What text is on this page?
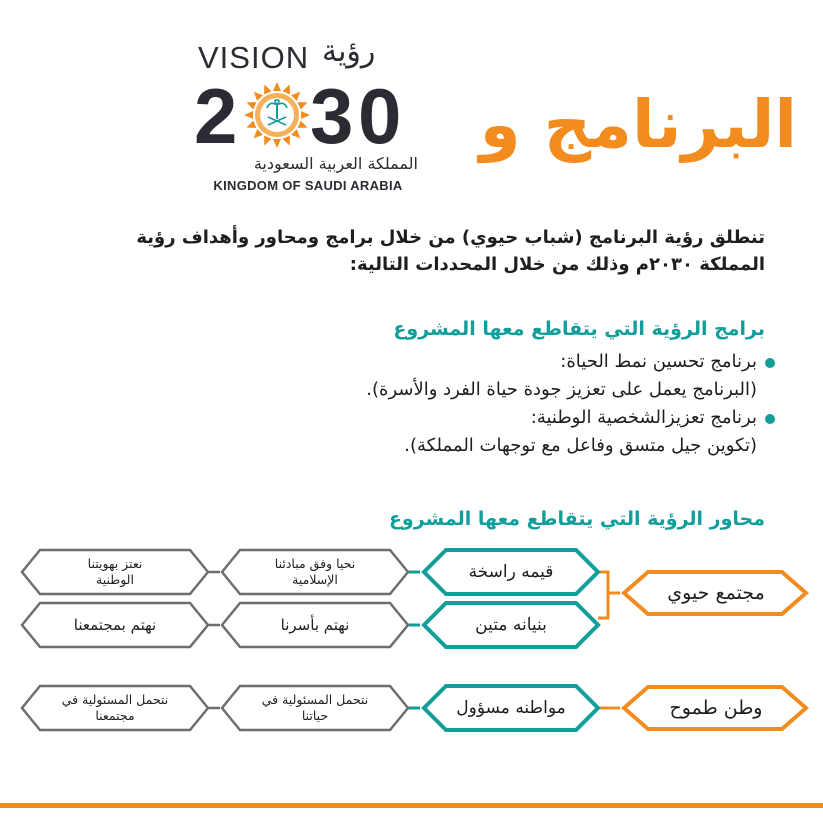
VISION رؤية
2 3 0
المملكة العربية السعودية
KINGDOM OF SAUDI ARABIA
البرنامج و
تنطلق رؤية البرنامج (شباب حيوي) من خلال برامج ومحاور وأهداف رؤية المملكة ٢٠٣٠م وذلك من خلال المحددات التالية:
برامج الرؤية التي يتقاطع معها المشروع
برنامج تحسين نمط الحياة:
(البرنامج يعمل على تعزيز جودة حياة الفرد والأسرة).
برنامج تعزيزالشخصية الوطنية:
(تكوين جيل متسق وفاعل مع توجهات المملكة).
محاور الرؤية التي يتقاطع معها المشروع
مجتمع حيوي
وطن طموح
قيمه راسخة
بنيانه متين
مواطنه مسؤول
نحيا وفق مبادئنا
الإسلامية
نعتز بهويتنا
الوطنية
نهتم بأسرنا
نهتم بمجتمعنا
نتحمل المسئولية في
حياتنا
نتحمل المسئولية في
مجتمعنا
